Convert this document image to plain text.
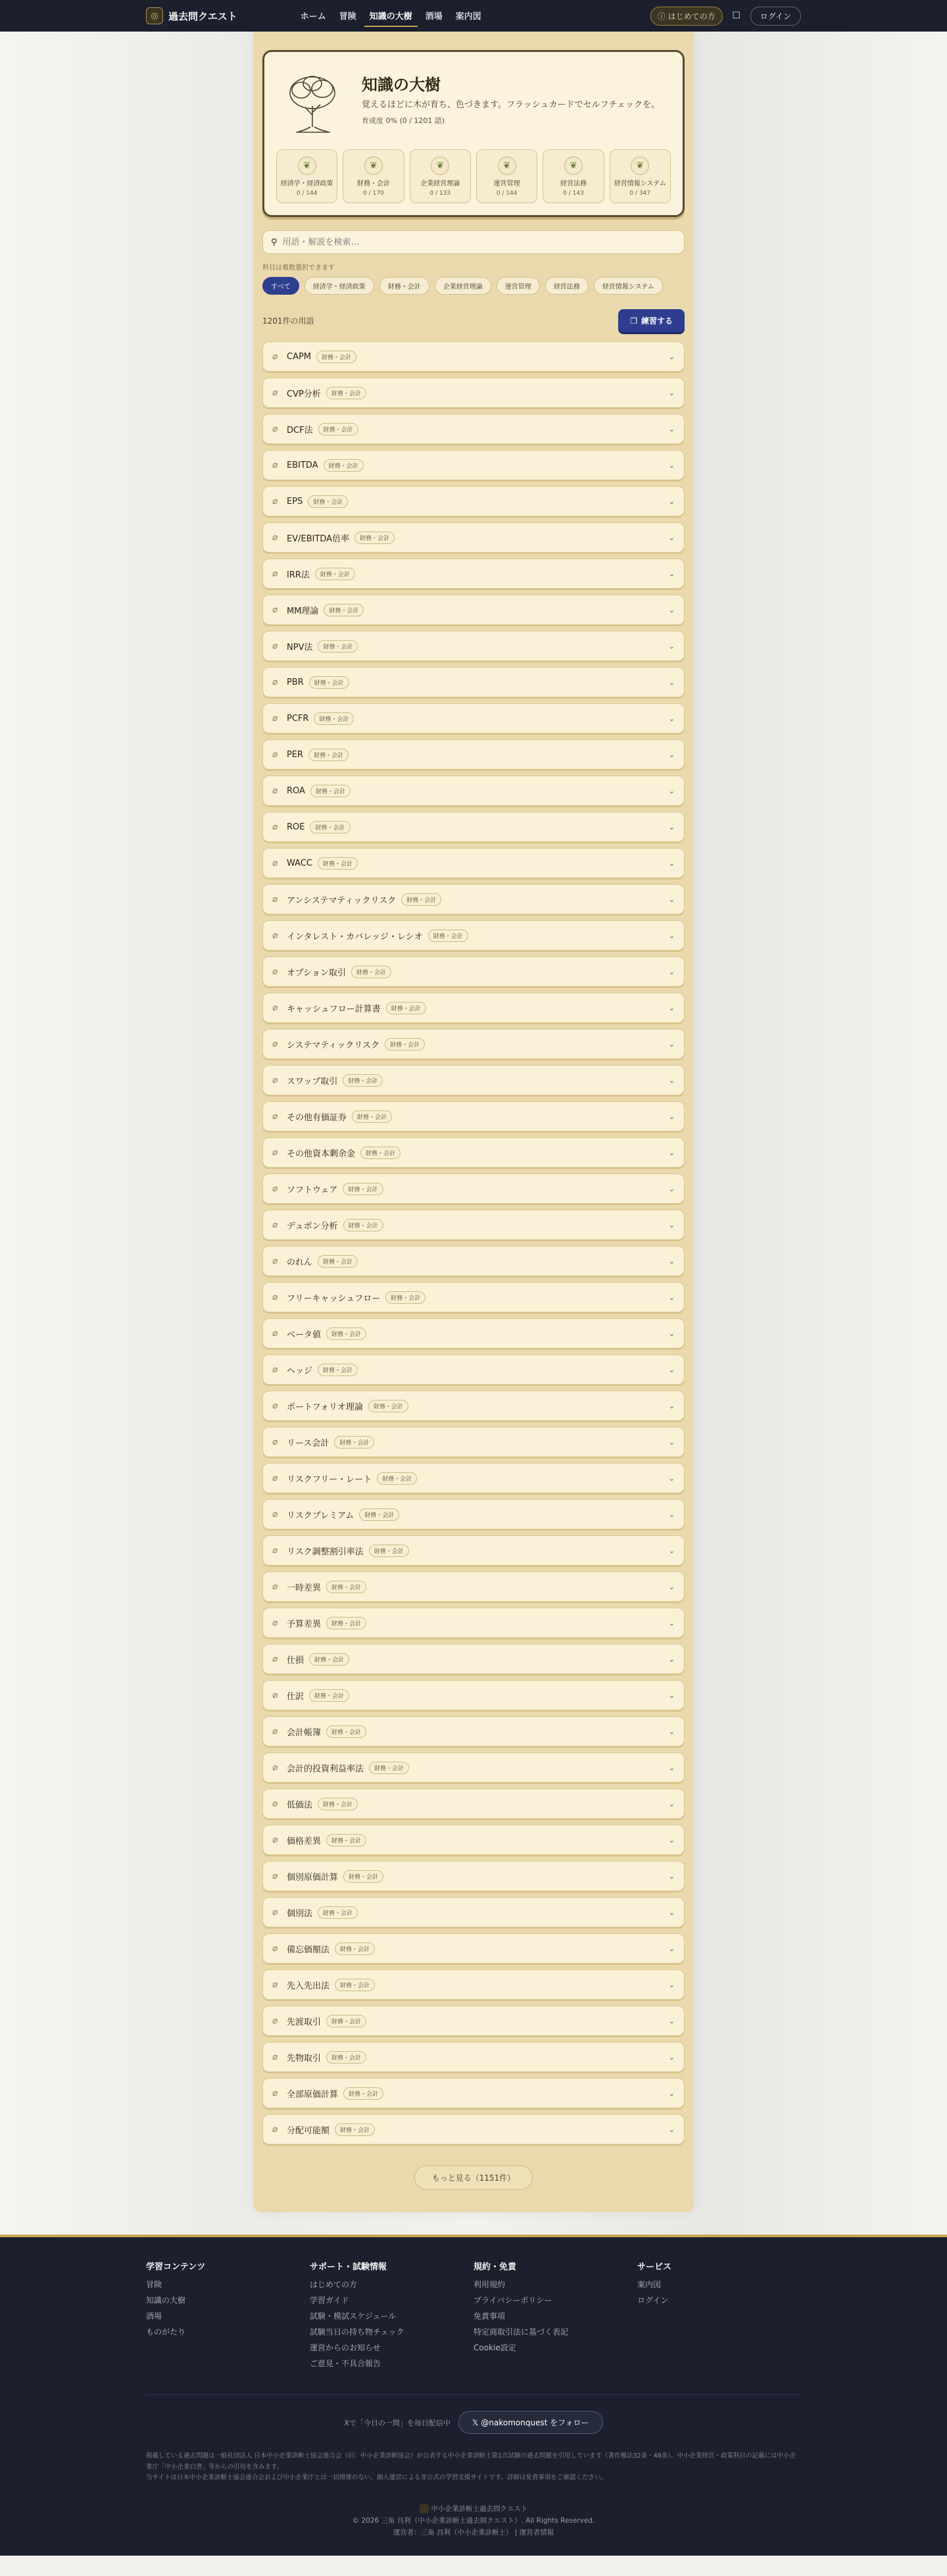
◎	過去問クエスト	ホーム	冒険	知識の大樹	酒場	案内図	ⓘ はじめての方	☐	ログイン
知識の大樹
覚えるほどに木が育ち、色づきます。フラッシュカードでセルフチェックを。
育成度 0% (0 / 1201 語)
❦
経済学・経済政策
0 / 144
❦
財務・会計
0 / 170
❦
企業経営理論
0 / 133
❦
運営管理
0 / 144
❦
経営法務
0 / 143
❦
経営情報システム
0 / 347
⚲
用語・解説を検索…
科目は複数選択できます
すべて	経済学・経済政策	財務・会計	企業経営理論	運営管理	経営法務	経営情報システム
1201件の用語	❐ 練習する
⌀	CAPM	財務・会計	⌄
⌀	CVP分析	財務・会計	⌄
⌀	DCF法	財務・会計	⌄
⌀	EBITDA	財務・会計	⌄
⌀	EPS	財務・会計	⌄
⌀	EV/EBITDA倍率	財務・会計	⌄
⌀	IRR法	財務・会計	⌄
⌀	MM理論	財務・会計	⌄
⌀	NPV法	財務・会計	⌄
⌀	PBR	財務・会計	⌄
⌀	PCFR	財務・会計	⌄
⌀	PER	財務・会計	⌄
⌀	ROA	財務・会計	⌄
⌀	ROE	財務・会計	⌄
⌀	WACC	財務・会計	⌄
⌀	アンシステマティックリスク	財務・会計	⌄
⌀	インタレスト・カバレッジ・レシオ	財務・会計	⌄
⌀	オプション取引	財務・会計	⌄
⌀	キャッシュフロー計算書	財務・会計	⌄
⌀	システマティックリスク	財務・会計	⌄
⌀	スワップ取引	財務・会計	⌄
⌀	その他有価証券	財務・会計	⌄
⌀	その他資本剰余金	財務・会計	⌄
⌀	ソフトウェア	財務・会計	⌄
⌀	デュポン分析	財務・会計	⌄
⌀	のれん	財務・会計	⌄
⌀	フリーキャッシュフロー	財務・会計	⌄
⌀	ベータ値	財務・会計	⌄
⌀	ヘッジ	財務・会計	⌄
⌀	ポートフォリオ理論	財務・会計	⌄
⌀	リース会計	財務・会計	⌄
⌀	リスクフリー・レート	財務・会計	⌄
⌀	リスクプレミアム	財務・会計	⌄
⌀	リスク調整割引率法	財務・会計	⌄
⌀	一時差異	財務・会計	⌄
⌀	予算差異	財務・会計	⌄
⌀	仕損	財務・会計	⌄
⌀	仕訳	財務・会計	⌄
⌀	会計帳簿	財務・会計	⌄
⌀	会計的投資利益率法	財務・会計	⌄
⌀	低価法	財務・会計	⌄
⌀	価格差異	財務・会計	⌄
⌀	個別原価計算	財務・会計	⌄
⌀	個別法	財務・会計	⌄
⌀	備忘価額法	財務・会計	⌄
⌀	先入先出法	財務・会計	⌄
⌀	先渡取引	財務・会計	⌄
⌀	先物取引	財務・会計	⌄
⌀	全部原価計算	財務・会計	⌄
⌀	分配可能額	財務・会計	⌄
もっと見る（1151件）
学習コンテンツ
冒険
知識の大樹
酒場
ものがたり
サポート・試験情報
はじめての方
学習ガイド
試験・模試スケジュール
試験当日の持ち物チェック
運営からのお知らせ
ご意見・不具合報告
規約・免責
利用規約
プライバシーポリシー
免責事項
特定商取引法に基づく表記
Cookie設定
サービス
案内図
ログイン
Xで「今日の一問」を毎日配信中	𝕏 @nakomonquest をフォロー
掲載している過去問題は一般社団法人 日本中小企業診断士協会連合会（旧：中小企業診断協会）が公表する中小企業診断士第1次試験の過去問題を引用しています（著作権法32条・48条）。中小企業経営・政策科目の記載には中小企業庁「中小企業白書」等からの引用を含みます。
当サイトは日本中小企業診断士協会連合会および中小企業庁とは一切関係のない、個人運営による非公式の学習支援サイトです。詳細は免責事項をご確認ください。
中小企業診断士過去問クエスト
© 2026 三角 昌利（中小企業診断士過去問クエスト）. All Rights Reserved.
運営者：三角 昌利（中小企業診断士） | 運営者情報
